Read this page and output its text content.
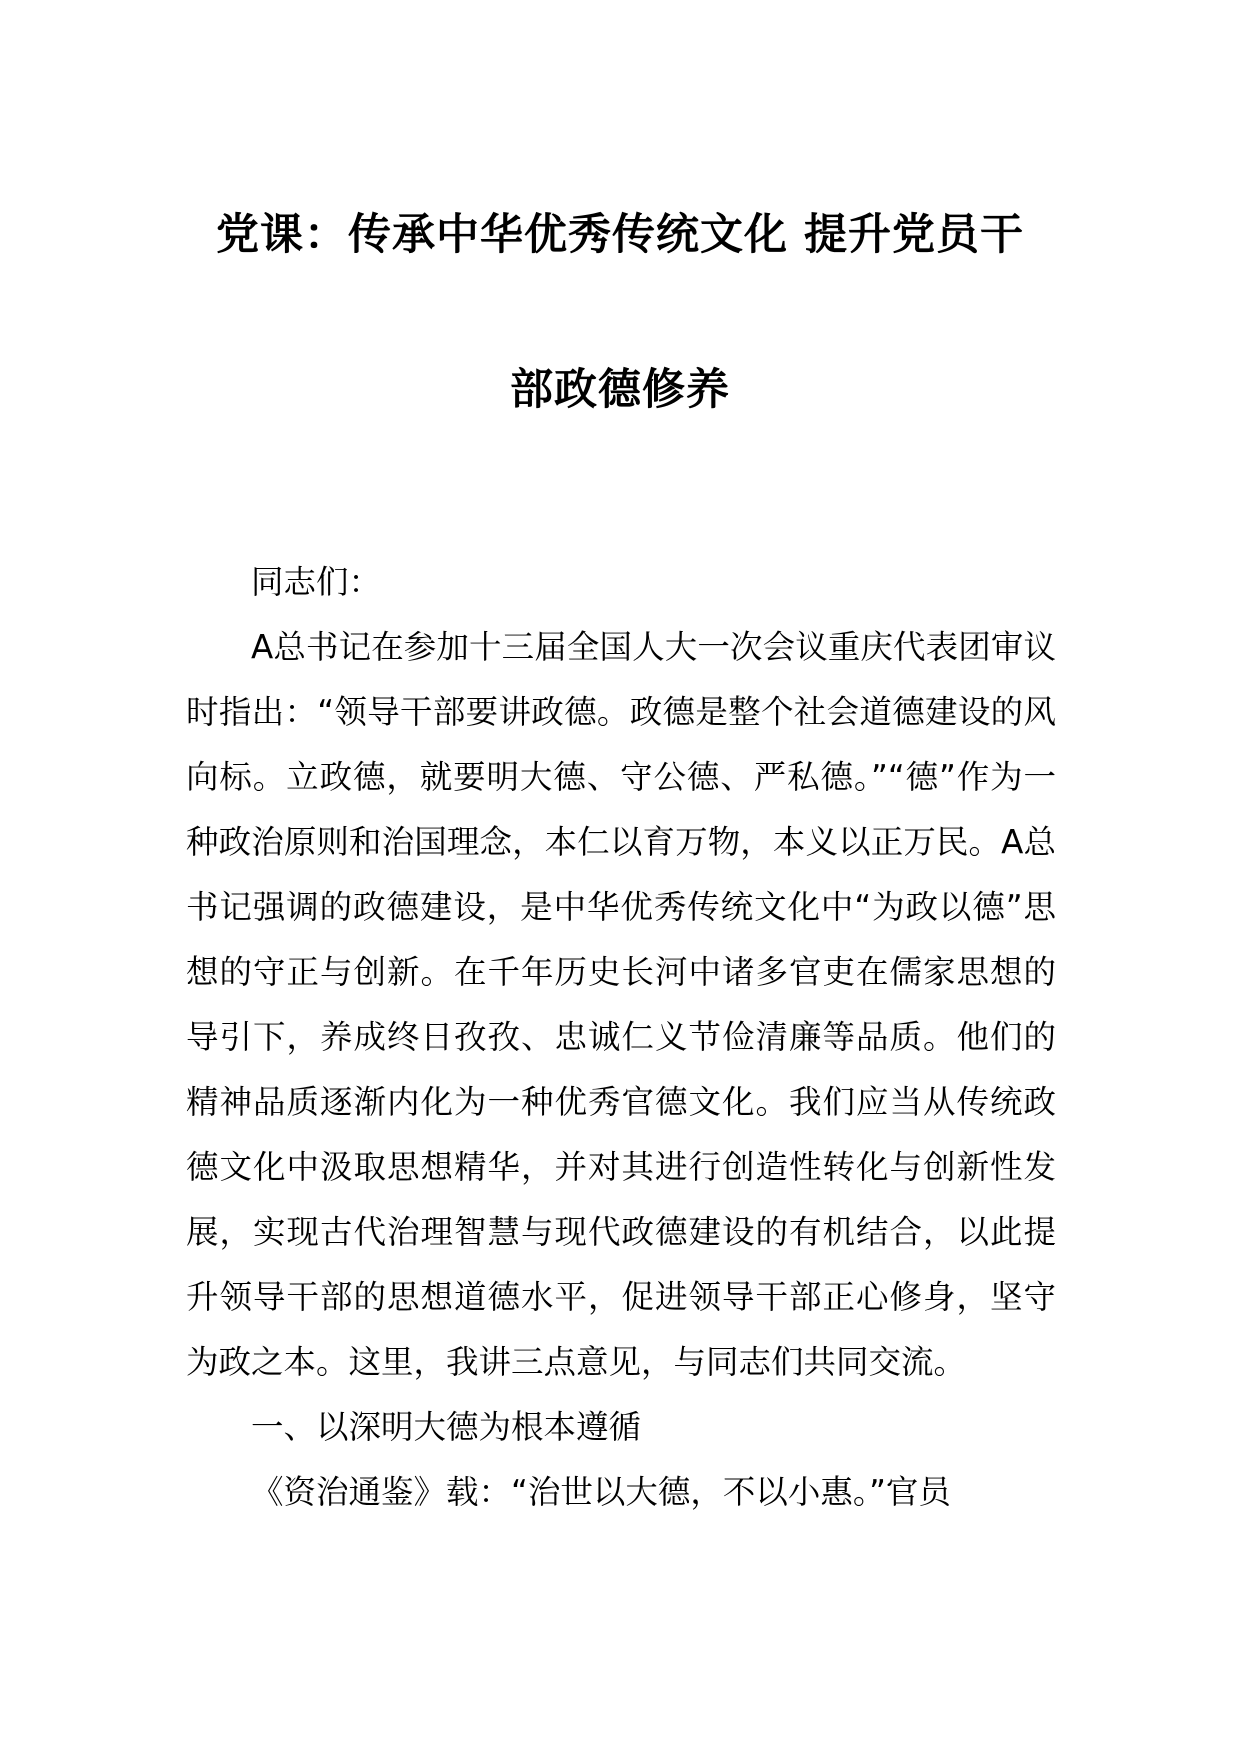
党课：传承中华优秀传统文化 提升党员干
部政德修养

同志们：

A总书记在参加十三届全国人大一次会议重庆代表团审议时指出：“领导干部要讲政德。政德是整个社会道德建设的风向标。立政德，就要明大德、守公德、严私德。”“德”作为一种政治原则和治国理念，本仁以育万物，本义以正万民。A总书记强调的政德建设，是中华优秀传统文化中“为政以德”思想的守正与创新。在千年历史长河中诸多官吏在儒家思想的导引下，养成终日孜孜、忠诚仁义节俭清廉等品质。他们的精神品质逐渐内化为一种优秀官德文化。我们应当从传统政德文化中汲取思想精华，并对其进行创造性转化与创新性发展，实现古代治理智慧与现代政德建设的有机结合，以此提升领导干部的思想道德水平，促进领导干部正心修身，坚守为政之本。这里，我讲三点意见，与同志们共同交流。

一、以深明大德为根本遵循

《资治通鉴》载：“治世以大德，不以小惠。”官员
